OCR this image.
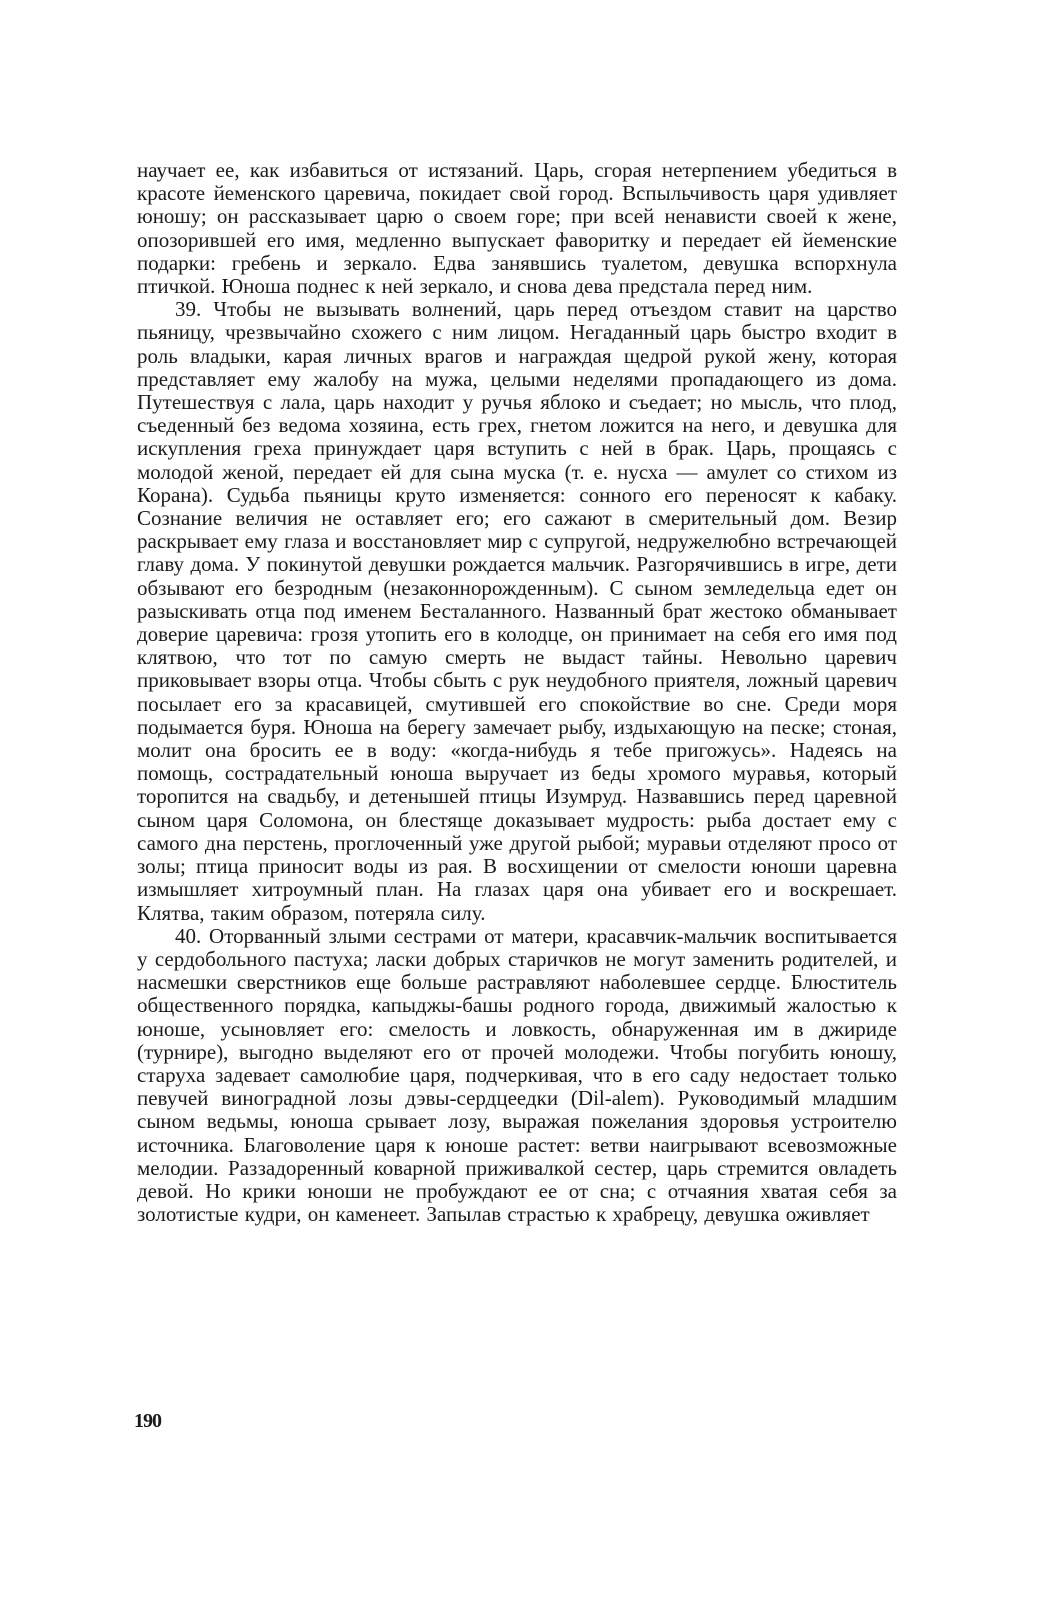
научает ее, как избавиться от истязаний. Царь, сгорая нетерпением убедиться в красоте йеменского царевича, покидает свой город. Вспыльчивость царя удивляет юношу; он рассказывает царю о своем горе; при всей ненависти своей к жене, опозорившей его имя, медленно выпускает фаворитку и передает ей йеменские подарки: гребень и зеркало. Едва занявшись туалетом, девушка вспорхнула птичкой. Юноша поднес к ней зеркало, и снова дева предстала перед ним.

39. Чтобы не вызывать волнений, царь перед отъездом ставит на царство пьяницу, чрезвычайно схожего с ним лицом. Негаданный царь быстро входит в роль владыки, карая личных врагов и награждая щедрой рукой жену, которая представляет ему жалобу на мужа, целыми неделями пропадающего из дома. Путешествуя с лала, царь находит у ручья яблоко и съедает; но мысль, что плод, съеденный без ведома хозяина, есть грех, гнетом ложится на него, и девушка для искупления греха принуждает царя вступить с ней в брак. Царь, прощаясь с молодой женой, передает ей для сына муска (т. е. нусха — амулет со стихом из Корана). Судьба пьяницы круто изменяется: сонного его переносят к кабаку. Сознание величия не оставляет его; его сажают в смерительный дом. Везир раскрывает ему глаза и восстановляет мир с супругой, недружелюбно встречающей главу дома. У покинутой девушки рождается мальчик. Разгорячившись в игре, дети обзывают его безродным (незаконнорожденным). С сыном земледельца едет он разыскивать отца под именем Бесталанного. Названный брат жестоко обманывает доверие царевича: грозя утопить его в колодце, он принимает на себя его имя под клятвою, что тот по самую смерть не выдаст тайны. Невольно царевич приковывает взоры отца. Чтобы сбыть с рук неудобного приятеля, ложный царевич посылает его за красавицей, смутившей его спокойствие во сне. Среди моря подымается буря. Юноша на берегу замечает рыбу, издыхающую на песке; стоная, молит она бросить ее в воду: «когда-нибудь я тебе пригожусь». Надеясь на помощь, сострадательный юноша выручает из беды хромого муравья, который торопится на свадьбу, и детенышей птицы Изумруд. Назвавшись перед царевной сыном царя Соломона, он блестяще доказывает мудрость: рыба достает ему с самого дна перстень, проглоченный уже другой рыбой; муравьи отделяют просо от золы; птица приносит воды из рая. В восхищении от смелости юноши царевна измышляет хитроумный план. На глазах царя она убивает его и воскрешает. Клятва, таким образом, потеряла силу.

40. Оторванный злыми сестрами от матери, красавчик-мальчик воспитывается у сердобольного пастуха; ласки добрых старичков не могут заменить родителей, и насмешки сверстников еще больше растравляют наболевшее сердце. Блюститель общественного порядка, капыджы-башы родного города, движимый жалостью к юноше, усыновляет его: смелость и ловкость, обнаруженная им в джириде (турнире), выгодно выделяют его от прочей молодежи. Чтобы погубить юношу, старуха задевает самолюбие царя, подчеркивая, что в его саду недостает только певучей виноградной лозы дэвы-сердцеедки (Dil-alem). Руководимый младшим сыном ведьмы, юноша срывает лозу, выражая пожелания здоровья устроителю источника. Благоволение царя к юноше растет: ветви наигрывают всевозможные мелодии. Раззадоренный коварной приживалкой сестер, царь стремится овладеть девой. Но крики юноши не пробуждают ее от сна; с отчаяния хватая себя за золотистые кудри, он каменеет. Запылав страстью к храбрецу, девушка оживляет

190
